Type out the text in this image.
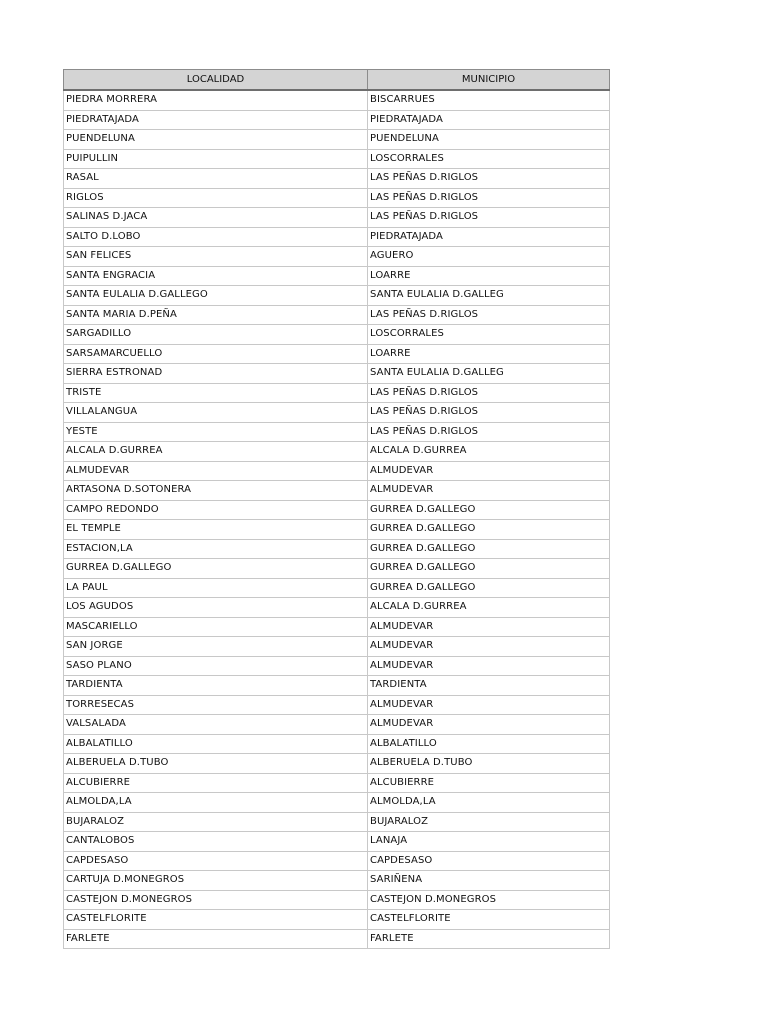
LOCALIDAD	MUNICIPIO
PIEDRA MORRERA	BISCARRUES
PIEDRATAJADA	PIEDRATAJADA
PUENDELUNA	PUENDELUNA
PUIPULLIN	LOSCORRALES
RASAL	LAS PEÑAS D.RIGLOS
RIGLOS	LAS PEÑAS D.RIGLOS
SALINAS D.JACA	LAS PEÑAS D.RIGLOS
SALTO D.LOBO	PIEDRATAJADA
SAN FELICES	AGUERO
SANTA ENGRACIA	LOARRE
SANTA EULALIA D.GALLEGO	SANTA EULALIA D.GALLEG
SANTA MARIA D.PEÑA	LAS PEÑAS D.RIGLOS
SARGADILLO	LOSCORRALES
SARSAMARCUELLO	LOARRE
SIERRA ESTRONAD	SANTA EULALIA D.GALLEG
TRISTE	LAS PEÑAS D.RIGLOS
VILLALANGUA	LAS PEÑAS D.RIGLOS
YESTE	LAS PEÑAS D.RIGLOS
ALCALA D.GURREA	ALCALA D.GURREA
ALMUDEVAR	ALMUDEVAR
ARTASONA D.SOTONERA	ALMUDEVAR
CAMPO REDONDO	GURREA D.GALLEGO
EL TEMPLE	GURREA D.GALLEGO
ESTACION,LA	GURREA D.GALLEGO
GURREA D.GALLEGO	GURREA D.GALLEGO
LA PAUL	GURREA D.GALLEGO
LOS AGUDOS	ALCALA D.GURREA
MASCARIELLO	ALMUDEVAR
SAN JORGE	ALMUDEVAR
SASO PLANO	ALMUDEVAR
TARDIENTA	TARDIENTA
TORRESECAS	ALMUDEVAR
VALSALADA	ALMUDEVAR
ALBALATILLO	ALBALATILLO
ALBERUELA D.TUBO	ALBERUELA D.TUBO
ALCUBIERRE	ALCUBIERRE
ALMOLDA,LA	ALMOLDA,LA
BUJARALOZ	BUJARALOZ
CANTALOBOS	LANAJA
CAPDESASO	CAPDESASO
CARTUJA D.MONEGROS	SARIÑENA
CASTEJON D.MONEGROS	CASTEJON D.MONEGROS
CASTELFLORITE	CASTELFLORITE
FARLETE	FARLETE
